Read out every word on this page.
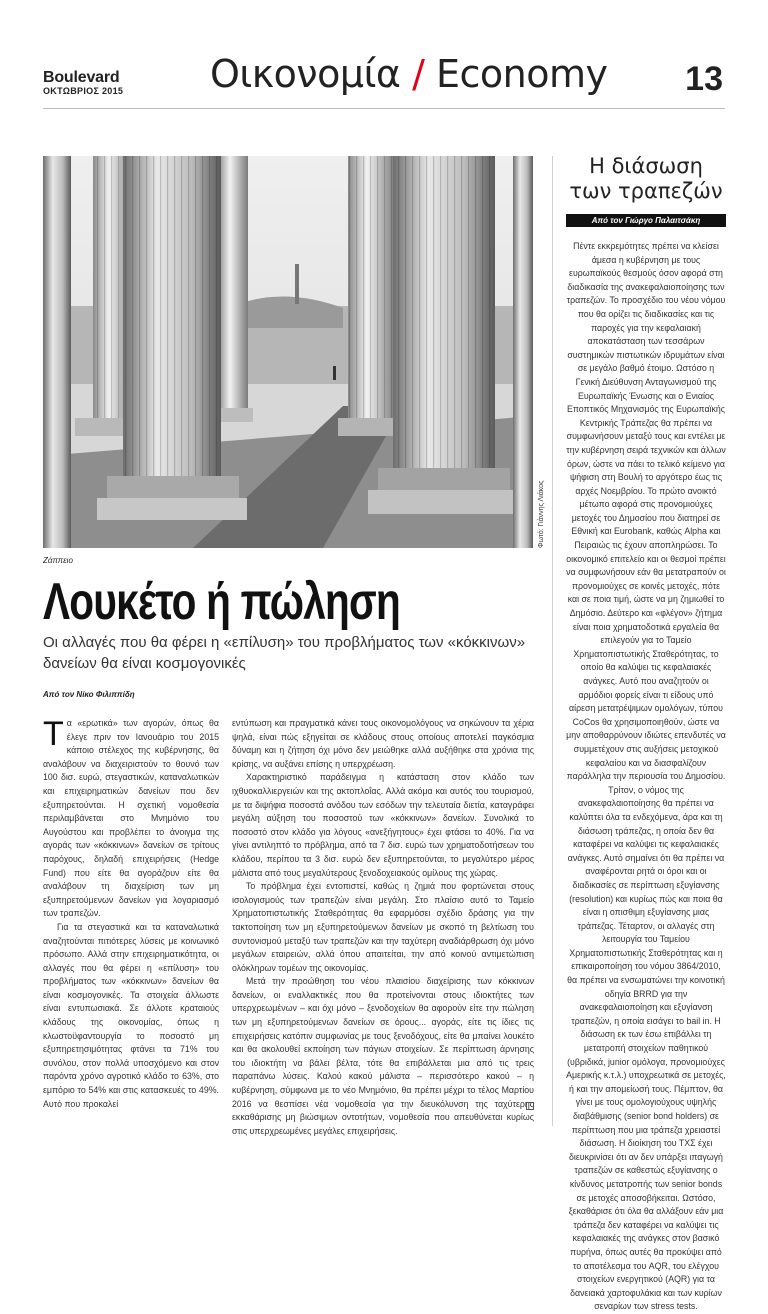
Boulevard
ΟΚΤΩΒΡΙΟΣ 2015 Οικονομία / Economy 13
Φωτό: Γιάννης Λιάκος
Ζάππειο
Λουκέτο ή πώληση
Οι αλλαγές που θα φέρει η «επίλυση» του προβλήματος των «κόκκινων» δανείων θα είναι κοσμογονικές
Από τον Νίκο Φιλιππίδη

Τα «ερωτικά» των αγορών, όπως θα έλεγε πριν τον Ιανουάριο του 2015 κάποιο στέλεχος της κυβέρνησης, θα αναλάβουν να διαχειριστούν το θουνό των 100 δισ. ευρώ, στεγαστικών, καταναλωτικών και επιχειρηματικών δανείων που δεν εξυπηρετούνται. Η σχετική νομοθεσία περιλαμβάνεται στο Μνημόνιο του Αυγούστου και προβλέπει το άνοιγμα της αγοράς των «κόκκινων» δανείων σε τρίτους παρόχους, δηλαδή επιχειρήσεις (Hedge Fund) που είτε θα αγοράζουν είτε θα αναλάβουν τη διαχείριση των μη εξυπηρετούμενων δανείων για λογαριασμό των τραπεζών.

Για τα στεγαστικά και τα καταναλωτικά αναζητούνται πιτιότερες λύσεις με κοινωνικό πρόσωπο. Αλλά στην επιχειρηματικότητα, οι αλλαγές που θα φέρει η «επίλυση» του προβλήματος των «κόκκινων» δανείων θα είναι κοσμογονικές. Τα στοιχεία άλλωστε είναι εντυπωσιακά. Σε άλλοτε κραταιούς κλάδους της οικονομίας, όπως η κλωστοϋφαντουργία το ποσοστό μη εξυπηρετησιμότητας φτάνει τα 71% του συνόλου, στον πολλά υποσχόμενο και στον παρόντα χρόνο αγροτικό κλάδο το 63%, στο εμπόριο το 54% και στις κατασκευές το 49%. Αυτό που προκαλεί

εντύπωση και πραγματικά κάνει τους οικονομολόγους να σηκώνουν τα χέρια ψηλά, είναι πώς εξηγείται σε κλάδους στους οποίους αποτελεί παγκόσμια δύναμη και η ζήτηση όχι μόνο δεν μειώθηκε αλλά αυξήθηκε στα χρόνια της κρίσης, να αυξάνει επίσης η υπερχρέωση.

Χαρακτηριστικό παράδειγμα η κατάσταση στον κλάδο των ιχθυοκαλλιεργειών και της ακτοπλοΐας. Αλλά ακόμα και αυτός του τουρισμού, με τα διψήφια ποσοστά ανόδου των εσόδων την τελευταία διετία, καταγράφει μεγάλη αύξηση του ποσοστού των «κόκκινων» δανείων. Συνολικά το ποσοστό στον κλάδο για λόγους «ανεξήγητους» έχει φτάσει το 40%. Για να γίνει αντιληπτό το πρόβλημα, από τα 7 δισ. ευρώ των χρηματοδοτήσεων του κλάδου, περίπου τα 3 δισ. ευρώ δεν εξυπηρετούνται, το μεγαλύτερο μέρος μάλιστα από τους μεγαλύτερους ξενοδοχειακούς ομίλους της χώρας.

Το πρόβλημα έχει εντοπιστεί, καθώς η ζημιά που φορτώνεται στους ισολογισμούς των τραπεζών είναι μεγάλη. Στο πλαίσιο αυτό το Ταμείο Χρηματοπιστωτικής Σταθερότητας θα εφαρμόσει σχέδιο δράσης για την τακτοποίηση των μη εξυπηρετούμενων δανείων με σκοπό τη βελτίωση του συντονισμού μεταξύ των τραπεζών και την ταχύτερη αναδιάρθρωση όχι μόνο μεγάλων εταιρειών, αλλά όπου απαιτείται, την από κοινού αντιμετώπιση ολόκληρων τομέων της οικονομίας.

Μετά την προώθηση του νέου πλαισίου διαχείρισης των κόκκινων δανείων, οι εναλλακτικές που θα προτείνονται στους ιδιοκτήτες των υπερχρεωμένων – και όχι μόνο – ξενοδοχείων θα αφορούν είτε την πώληση των μη εξυπηρετούμενων δανείων σε όρους... αγοράς, είτε τις ίδιες τις επιχειρήσεις κατόπιν συμφωνίας με τους ξενοδόχους, είτε θα μπαίνει λουκέτο και θα ακολουθεί εκποίηση των πάγιων στοιχείων. Σε περίπτωση άρνησης του ιδιοκτήτη να βάλει βέλτα, τότε θα επιβάλλεται μια από τις τρεις παραπάνω λύσεις. Καλού κακού μάλιστα – περισσότερο κακού – η κυβέρνηση, σύμφωνα με το νέο Μνημόνιο, θα πρέπει μέχρι το τέλος Μαρτίου 2016 να θεσπίσει νέα νομοθεσία για την διευκόλυνση της ταχύτερης εκκαθάρισης μη βιώσιμων οντοτήτων, νομοθεσία που απευθύνεται κυρίως στις υπερχρεωμένες μεγάλες επιχειρήσεις.

Η διάσωση των τραπεζών
Από τον Γιώργο Παλαιτσάκη

Πέντε εκκρεμότητες πρέπει να κλείσει άμεσα η κυβέρνηση με τους ευρωπαϊκούς θεσμούς όσον αφορά στη διαδικασία της ανακεφαλαιοποίησης των τραπεζών. Το προσχέδιο του νέου νόμου που θα ορίζει τις διαδικασίες και τις παροχές για την κεφαλαιακή αποκατάσταση των τεσσάρων συστημικών πιστωτικών ιδρυμάτων είναι σε μεγάλο βαθμό έτοιμο. Ωστόσο η Γενική Διεύθυνση Ανταγωνισμού της Ευρωπαϊκής Ένωσης και ο Ενιαίος Εποπτικός Μηχανισμός της Ευρωπαϊκής Κεντρικής Τράπεζας θα πρέπει να συμφωνήσουν μεταξύ τους και εντέλει με την κυβέρνηση σειρά τεχνικών και άλλων όρων, ώστε να πάει το τελικό κείμενο για ψήφιση στη Βουλή το αργότερο έως τις αρχές Νοεμβρίου. Το πρώτο ανοικτό μέτωπο αφορά στις προνομιούχες μετοχές του Δημοσίου που διατηρεί σε Εθνική και Eurobank, καθώς Alpha και Πειραιώς τις έχουν αποπληρώσει. Το οικονομικό επιτελείο και οι θεσμοί πρέπει να συμφωνήσουν εάν θα μετατραπούν οι προνομιούχες σε κοινές μετοχές, πότε και σε ποια τιμή, ώστε να μη ζημιωθεί το Δημόσιο. Δεύτερο και «φλέγον» ζήτημα είναι ποια χρηματοδοτικά εργαλεία θα επιλεγούν για το Ταμείο Χρηματοπιστωτικής Σταθερότητας, το οποίο θα καλύψει τις κεφαλαιακές ανάγκες. Αυτό που αναζητούν οι αρμόδιοι φορείς είναι τι είδους υπό αίρεση μετατρέψιμων ομολόγων, τύπου CoCos θα χρησιμοποιηθούν, ώστε να μην αποθαρρύνουν ιδιώτες επενδυτές να συμμετέχουν στις αυξήσεις μετοχικού κεφαλαίου και να διασφαλίζουν παράλληλα την περιουσία του Δημοσίου. Τρίτον, ο νόμος της ανακεφαλαιοποίησης θα πρέπει να καλύπτει όλα τα ενδεχόμενα, άρα και τη διάσωση τράπεζας, η οποία δεν θα καταφέρει να καλύψει τις κεφαλαιακές ανάγκες. Αυτό σημαίνει ότι θα πρέπει να αναφέρονται ρητά οι όροι και οι διαδικασίες σε περίπτωση εξυγίανσης (resolution) και κυρίως πώς και ποια θα είναι η οπισθιμη εξυγίανσης μιας τράπεζας. Τέταρτον, οι αλλαγές στη λειτουργία του Ταμείου Χρηματοπιστωτικής Σταθερότητας και η επικαιροποίηση του νόμου 3864/2010, θα πρέπει να ενσωματώνει την κοινοτική οδηγία BRRD για την ανακεφαλαιοποίηση και εξυγίανση τραπεζών, η οποία εισάγει το bail in. Η διάσωση εκ των έσω επιβάλλει τη μετατροπή στοιχείων παθητικού (υβριδικά, junior ομόλογα, προνομιούχες Αμερικής κ.τ.λ.) υποχρεωτικά σε μετοχές, ή και την απομείωσή τους. Πέμπτον, θα γίνει με τους ομολογιούχους υψηλής διαβάθμισης (senior bond holders) σε περίπτωση που μια τράπεζα χρειαστεί διάσωση. Η διοίκηση του ΤΧΣ έχει διευκρινίσει ότι αν δεν υπάρξει ιπαγωγή τραπεζών σε καθεστώς εξυγίανσης ο κίνδυνος μετατροπής των senior bonds σε μετοχές αποσοβήκειται. Ωστόσο, ξεκαθάρισε ότι όλα θα αλλάξουν εάν μια τράπεζα δεν καταφέρει να καλύψει τις κεφαλαιακές της ανάγκες στον βασικό πυρήνα, όπως αυτές θα προκύψει από το αποτέλεσμα του AQR, του ελέγχου στοιχείων ενεργητικού (AQR) για τα δανειακά χαρτοφυλάκια και των κυρίων σεναρίων των stress tests.
